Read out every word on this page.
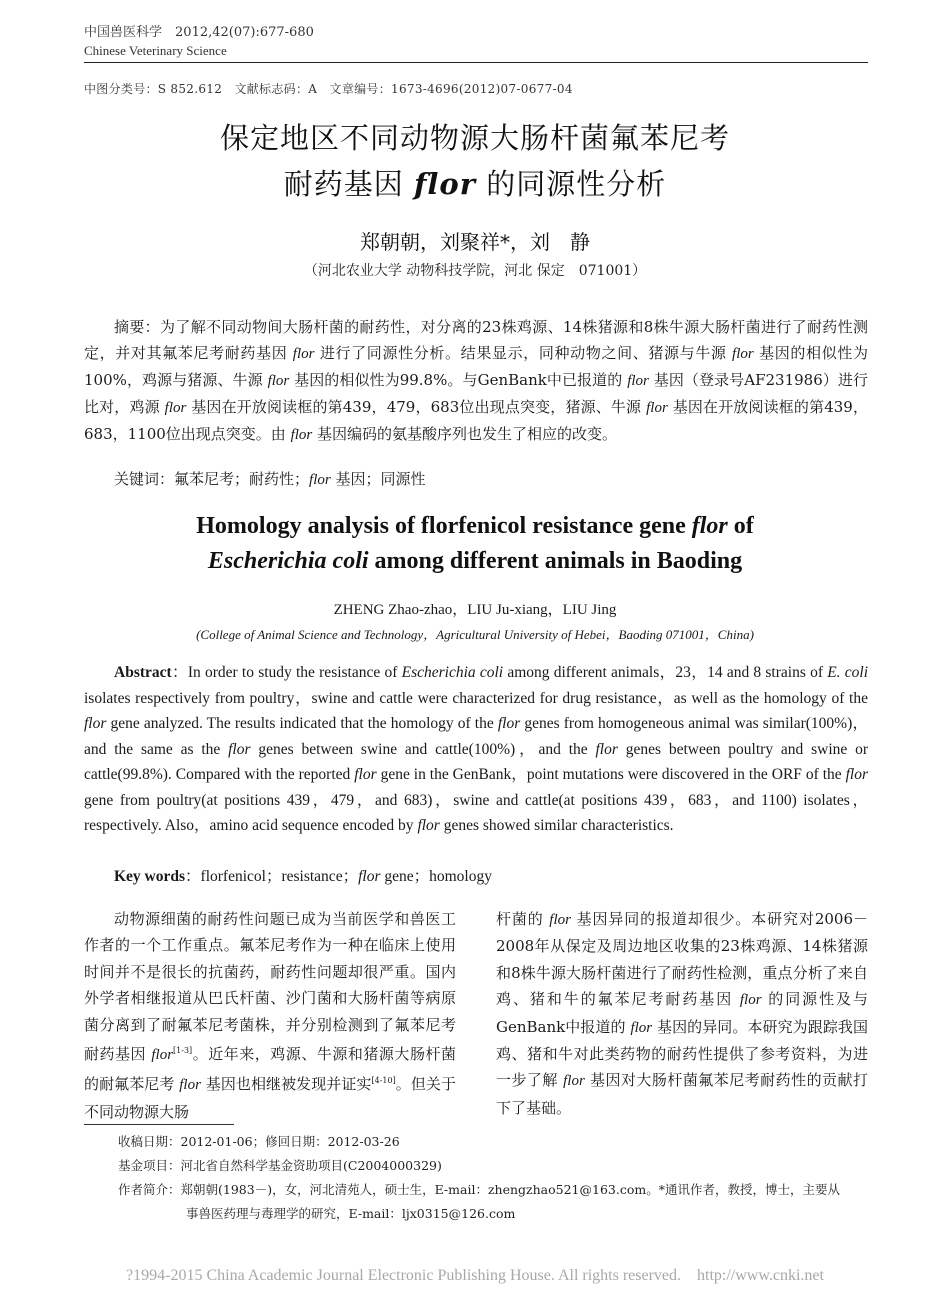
中国兽医科学　 2012,42(07):677-680
Chinese Veterinary Science
中图分类号：S 852.612　文献标志码：A　文章编号：1673-4696(2012)07-0677-04
保定地区不同动物源大肠杆菌氟苯尼考
耐药基因 flor 的同源性分析
郑朝朝，刘聚祥*，刘　静
（河北农业大学 动物科技学院，河北 保定　071001）
摘要：为了解不同动物间大肠杆菌的耐药性，对分离的23株鸡源、14株猪源和8株牛源大肠杆菌进行了耐药性测定，并对其氟苯尼考耐药基因 flor 进行了同源性分析。结果显示，同种动物之间、猪源与牛源 flor 基因的相似性为100%，鸡源与猪源、牛源 flor 基因的相似性为99.8%。与GenBank中已报道的 flor 基因（登录号AF231986）进行比对，鸡源 flor 基因在开放阅读框的第439，479，683位出现点突变，猪源、牛源 flor 基因在开放阅读框的第439，683，1100位出现点突变。由 flor 基因编码的氨基酸序列也发生了相应的改变。
关键词：氟苯尼考；耐药性；flor 基因；同源性
Homology analysis of florfenicol resistance gene flor of
Escherichia coli among different animals in Baoding
ZHENG Zhao-zhao，LIU Ju-xiang，LIU Jing
(College of Animal Science and Technology，Agricultural University of Hebei，Baoding 071001，China)
Abstract：In order to study the resistance of Escherichia coli among different animals，23，14 and 8 strains of E. coli isolates respectively from poultry，swine and cattle were characterized for drug resistance，as well as the homology of the flor gene analyzed. The results indicated that the homology of the flor genes from homogeneous animal was similar(100%)，and the same as the flor genes between swine and cattle(100%)，and the flor genes between poultry and swine or cattle(99.8%). Compared with the reported flor gene in the GenBank，point mutations were discovered in the ORF of the flor gene from poultry(at positions 439，479，and 683)，swine and cattle(at positions 439，683，and 1100) isolates，respectively. Also，amino acid sequence encoded by flor genes showed similar characteristics.
Key words：florfenicol；resistance；flor gene；homology
动物源细菌的耐药性问题已成为当前医学和兽医工作者的一个工作重点。氟苯尼考作为一种在临床上使用时间并不是很长的抗菌药，耐药性问题却很严重。国内外学者相继报道从巴氏杆菌、沙门菌和大肠杆菌等病原菌分离到了耐氟苯尼考菌株，并分别检测到了氟苯尼考耐药基因 flor[1-3]。近年来，鸡源、牛源和猪源大肠杆菌的耐氟苯尼考 flor 基因也相继被发现并证实[4-10]。但关于不同动物源大肠
杆菌的 flor 基因异同的报道却很少。本研究对2006－2008年从保定及周边地区收集的23株鸡源、14株猪源和8株牛源大肠杆菌进行了耐药性检测，重点分析了来自鸡、猪和牛的氟苯尼考耐药基因 flor 的同源性及与GenBank中报道的 flor 基因的异同。本研究为跟踪我国鸡、猪和牛对此类药物的耐药性提供了参考资料，为进一步了解 flor 基因对大肠杆菌氟苯尼考耐药性的贡献打下了基础。
收稿日期：2012-01-06；修回日期：2012-03-26
基金项目：河北省自然科学基金资助项目(C2004000329)
作者简介：郑朝朝(1983－)，女，河北清苑人，硕士生，E-mail：zhengzhao521@163.com。*通讯作者，教授，博士，主要从
事兽医药理与毒理学的研究，E-mail：ljx0315@126.com
?1994-2015 China Academic Journal Electronic Publishing House. All rights reserved.　http://www.cnki.net
